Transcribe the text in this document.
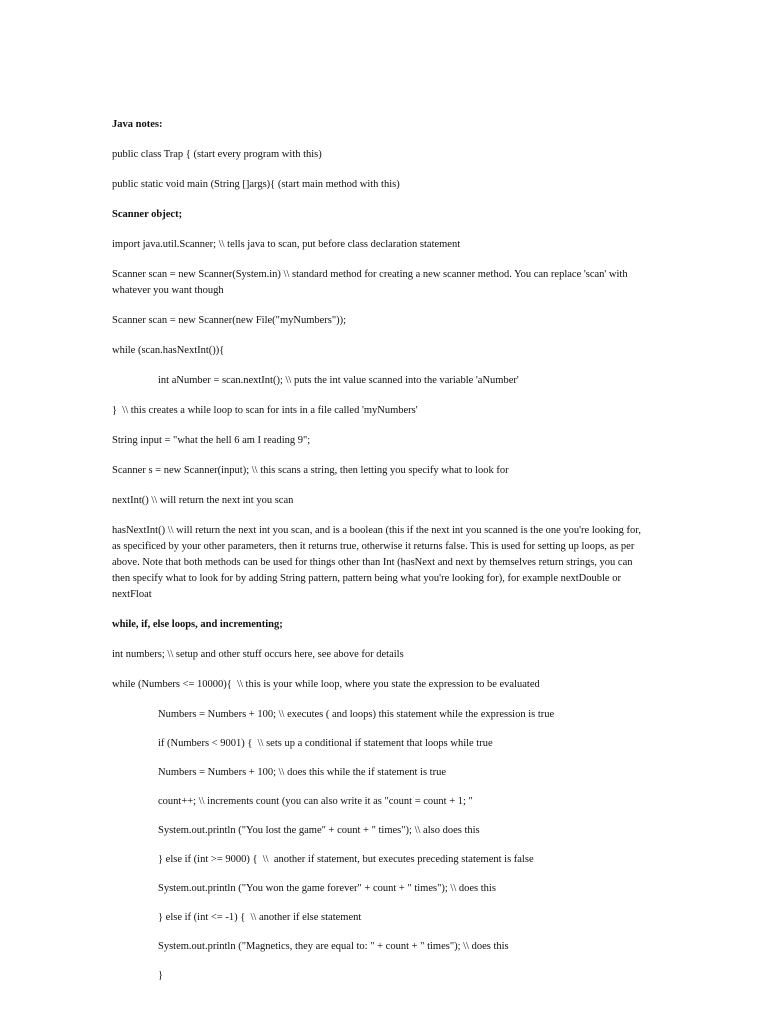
Java notes:

public class Trap { (start every program with this)

public static void main (String []args){ (start main method with this)

Scanner object;

import java.util.Scanner; \\ tells java to scan, put before class declaration statement

Scanner scan = new Scanner(System.in) \\ standard method for creating a new scanner method. You can replace 'scan' with whatever you want though

Scanner scan = new Scanner(new File("myNumbers"));

while (scan.hasNextInt()){

int aNumber = scan.nextInt(); \\ puts the int value scanned into the variable 'aNumber'

}  \\ this creates a while loop to scan for ints in a file called 'myNumbers'

String input = "what the hell 6 am I reading 9";

Scanner s = new Scanner(input); \\ this scans a string, then letting you specify what to look for

nextInt() \\ will return the next int you scan

hasNextInt() \\ will return the next int you scan, and is a boolean (this if the next int you scanned is the one you're looking for, as specificed by your other parameters, then it returns true, otherwise it returns false. This is used for setting up loops, as per above. Note that both methods can be used for things other than Int (hasNext and next by themselves return strings, you can then specify what to look for by adding String pattern, pattern being what you're looking for), for example nextDouble or nextFloat

while, if, else loops, and incrementing;

int numbers; \\ setup and other stuff occurs here, see above for details

while (Numbers <= 10000){  \\ this is your while loop, where you state the expression to be evaluated

Numbers = Numbers + 100; \\ executes ( and loops) this statement while the expression is true

if (Numbers < 9001) {  \\ sets up a conditional if statement that loops while true

Numbers = Numbers + 100; \\ does this while the if statement is true

count++; \\ increments count (you can also write it as "count = count + 1; "

System.out.println ("You lost the game" + count + " times"); \\ also does this

} else if (int >= 9000) {  \\  another if statement, but executes preceding statement is false

System.out.println ("You won the game forever" + count + " times"); \\ does this

} else if (int <= -1) {  \\ another if else statement

System.out.println ("Magnetics, they are equal to: " + count + " times"); \\ does this

}
